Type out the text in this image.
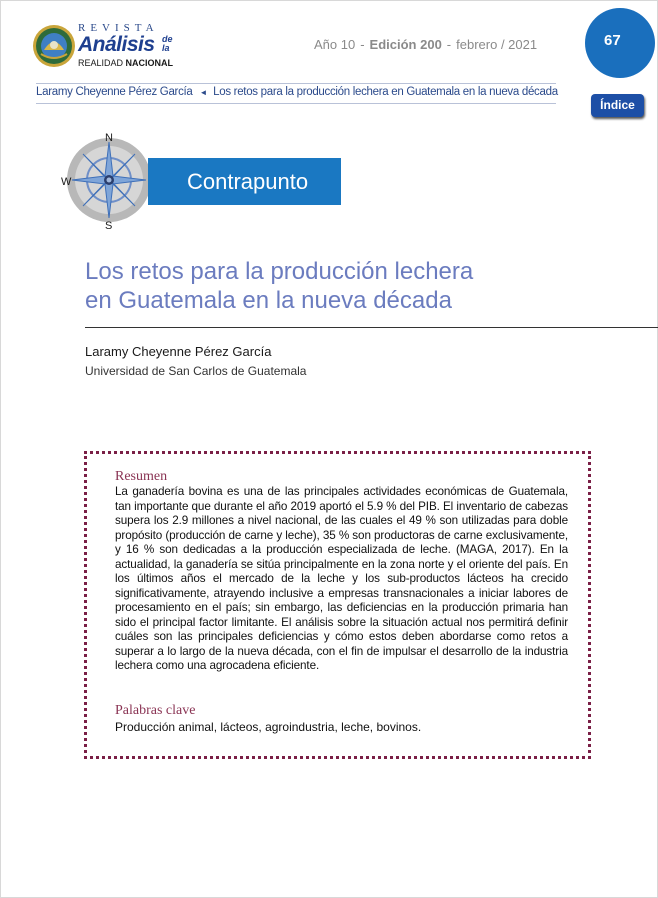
REVISTA
Análisis de la
REALIDAD NACIONAL
Año 10 - Edición 200 - febrero / 2021	67
Laramy Cheyenne Pérez García ◄ Los retos para la producción lechera en Guatemala en la nueva década
Índice
N
S
W	Contrapunto
Los retos para la producción lechera
en Guatemala en la nueva década
Laramy Cheyenne Pérez García
Universidad de San Carlos de Guatemala
Resumen
La ganadería bovina es una de las principales actividades económicas de Guatemala, tan importante que durante el año 2019 aportó el 5.9 % del PIB. El inventario de cabezas supera los 2.9 millones a nivel nacional, de las cuales el 49 % son utilizadas para doble propósito (producción de carne y leche), 35 % son productoras de carne exclusivamente, y 16 % son dedicadas a la producción especializada de leche. (MAGA, 2017). En la actualidad, la ganadería se sitúa principalmente en la zona norte y el oriente del país. En los últimos años el mercado de la leche y los sub-productos lácteos ha crecido significativamente, atrayendo inclusive a empresas transnacionales a iniciar labores de procesamiento en el país; sin embargo, las deficiencias en la producción primaria han sido el principal factor limitante. El análisis sobre la situación actual nos permitirá definir cuáles son las principales deficiencias y cómo estos deben abordarse como retos a superar a lo largo de la nueva década, con el fin de impulsar el desarrollo de la industria lechera como una agrocadena eficiente.
Palabras clave
Producción animal, lácteos, agroindustria, leche, bovinos.
